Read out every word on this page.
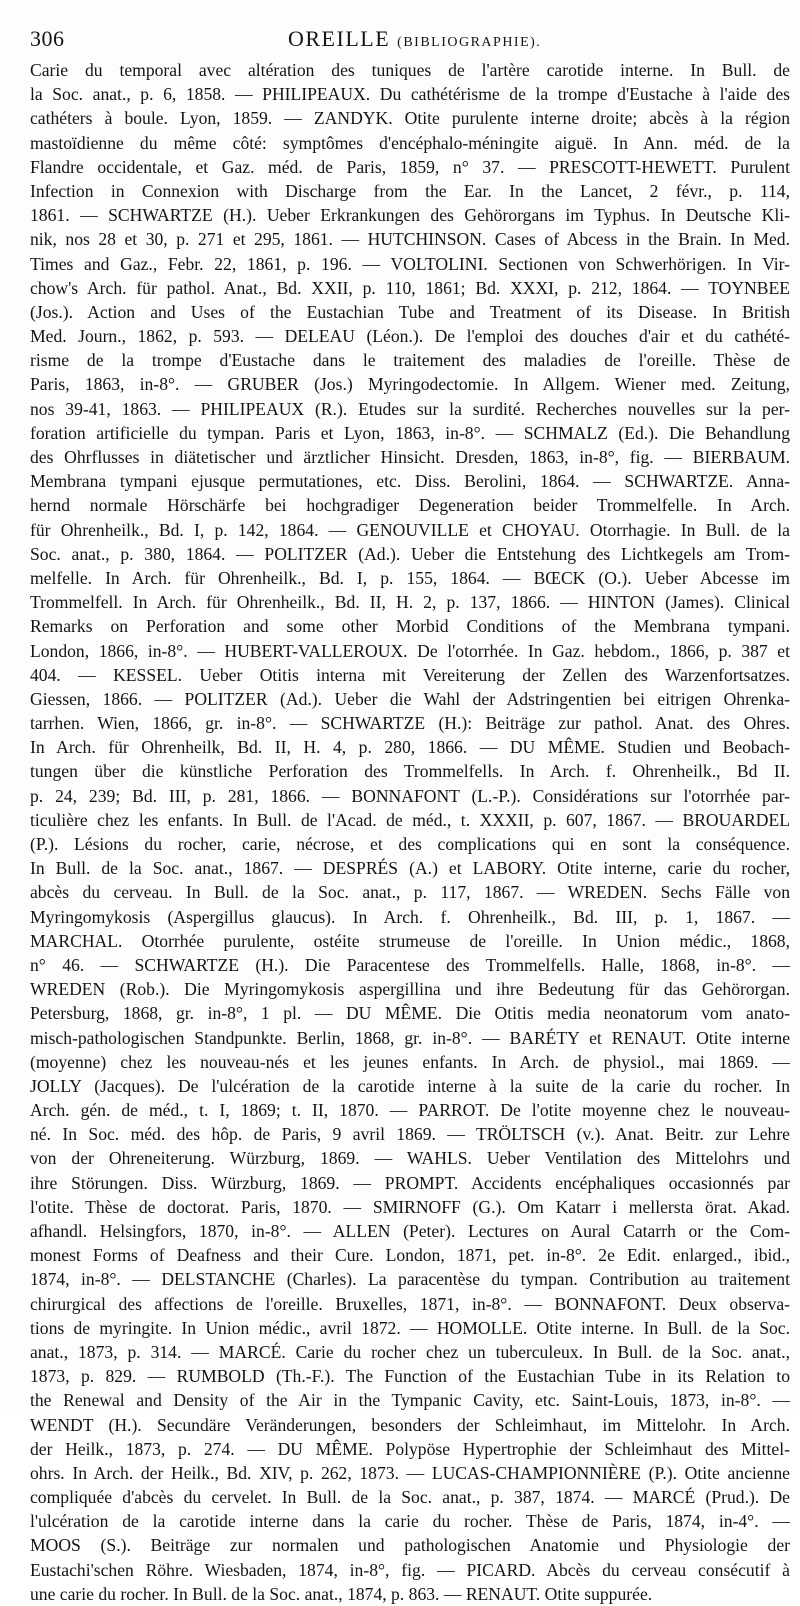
306	OREILLE (BIBLIOGRAPHIE).
Carie du temporal avec altération des tuniques de l'artère carotide interne. In Bull. de
la Soc. anat., p. 6, 1858. — PHILIPEAUX. Du cathétérisme de la trompe d'Eustache à l'aide des
cathéters à boule. Lyon, 1859. — ZANDYK. Otite purulente interne droite; abcès à la région
mastoïdienne du même côté: symptômes d'encéphalo-méningite aiguë. In Ann. méd. de la
Flandre occidentale, et Gaz. méd. de Paris, 1859, n° 37. — PRESCOTT-HEWETT. Purulent
Infection in Connexion with Discharge from the Ear. In the Lancet, 2 févr., p. 114,
1861. — SCHWARTZE (H.). Ueber Erkrankungen des Gehörorgans im Typhus. In Deutsche Kli-
nik, nos 28 et 30, p. 271 et 295, 1861. — HUTCHINSON. Cases of Abcess in the Brain. In Med.
Times and Gaz., Febr. 22, 1861, p. 196. — VOLTOLINI. Sectionen von Schwerhörigen. In Vir-
chow's Arch. für pathol. Anat., Bd. XXII, p. 110, 1861; Bd. XXXI, p. 212, 1864. — TOYNBEE
(Jos.). Action and Uses of the Eustachian Tube and Treatment of its Disease. In British
Med. Journ., 1862, p. 593. — DELEAU (Léon.). De l'emploi des douches d'air et du cathété-
risme de la trompe d'Eustache dans le traitement des maladies de l'oreille. Thèse de
Paris, 1863, in-8°. — GRUBER (Jos.) Myringodectomie. In Allgem. Wiener med. Zeitung,
nos 39-41, 1863. — PHILIPEAUX (R.). Etudes sur la surdité. Recherches nouvelles sur la per-
foration artificielle du tympan. Paris et Lyon, 1863, in-8°. — SCHMALZ (Ed.). Die Behandlung
des Ohrflusses in diätetischer und ärztlicher Hinsicht. Dresden, 1863, in-8°, fig. — BIERBAUM.
Membrana tympani ejusque permutationes, etc. Diss. Berolini, 1864. — SCHWARTZE. Anna-
hernd normale Hörschärfe bei hochgradiger Degeneration beider Trommelfelle. In Arch.
für Ohrenheilk., Bd. I, p. 142, 1864. — GENOUVILLE et CHOYAU. Otorrhagie. In Bull. de la
Soc. anat., p. 380, 1864. — POLITZER (Ad.). Ueber die Entstehung des Lichtkegels am Trom-
melfelle. In Arch. für Ohrenheilk., Bd. I, p. 155, 1864. — BŒCK (O.). Ueber Abcesse im
Trommelfell. In Arch. für Ohrenheilk., Bd. II, H. 2, p. 137, 1866. — HINTON (James). Clinical
Remarks on Perforation and some other Morbid Conditions of the Membrana tympani.
London, 1866, in-8°. — HUBERT-VALLEROUX. De l'otorrhée. In Gaz. hebdom., 1866, p. 387 et
404. — KESSEL. Ueber Otitis interna mit Vereiterung der Zellen des Warzenfortsatzes.
Giessen, 1866. — POLITZER (Ad.). Ueber die Wahl der Adstringentien bei eitrigen Ohrenka-
tarrhen. Wien, 1866, gr. in-8°. — SCHWARTZE (H.): Beiträge zur pathol. Anat. des Ohres.
In Arch. für Ohrenheilk, Bd. II, H. 4, p. 280, 1866. — DU MÊME. Studien und Beobach-
tungen über die künstliche Perforation des Trommelfells. In Arch. f. Ohrenheilk., Bd II.
p. 24, 239; Bd. III, p. 281, 1866. — BONNAFONT (L.-P.). Considérations sur l'otorrhée par-
ticulière chez les enfants. In Bull. de l'Acad. de méd., t. XXXII, p. 607, 1867. — BROUARDEL
(P.). Lésions du rocher, carie, nécrose, et des complications qui en sont la conséquence.
In Bull. de la Soc. anat., 1867. — DESPRÉS (A.) et LABORY. Otite interne, carie du rocher,
abcès du cerveau. In Bull. de la Soc. anat., p. 117, 1867. — WREDEN. Sechs Fälle von
Myringomykosis (Aspergillus glaucus). In Arch. f. Ohrenheilk., Bd. III, p. 1, 1867. —
MARCHAL. Otorrhée purulente, ostéite strumeuse de l'oreille. In Union médic., 1868,
n° 46. — SCHWARTZE (H.). Die Paracentese des Trommelfells. Halle, 1868, in-8°. —
WREDEN (Rob.). Die Myringomykosis aspergillina und ihre Bedeutung für das Gehörorgan.
Petersburg, 1868, gr. in-8°, 1 pl. — DU MÊME. Die Otitis media neonatorum vom anato-
misch-pathologischen Standpunkte. Berlin, 1868, gr. in-8°. — BARÉTY et RENAUT. Otite interne
(moyenne) chez les nouveau-nés et les jeunes enfants. In Arch. de physiol., mai 1869. —
JOLLY (Jacques). De l'ulcération de la carotide interne à la suite de la carie du rocher. In
Arch. gén. de méd., t. I, 1869; t. II, 1870. — PARROT. De l'otite moyenne chez le nouveau-
né. In Soc. méd. des hôp. de Paris, 9 avril 1869. — TRÖLTSCH (v.). Anat. Beitr. zur Lehre
von der Ohreneiterung. Würzburg, 1869. — WAHLS. Ueber Ventilation des Mittelohrs und
ihre Störungen. Diss. Würzburg, 1869. — PROMPT. Accidents encéphaliques occasionnés par
l'otite. Thèse de doctorat. Paris, 1870. — SMIRNOFF (G.). Om Katarr i mellersta örat. Akad.
afhandl. Helsingfors, 1870, in-8°. — ALLEN (Peter). Lectures on Aural Catarrh or the Com-
monest Forms of Deafness and their Cure. London, 1871, pet. in-8°. 2e Edit. enlarged., ibid.,
1874, in-8°. — DELSTANCHE (Charles). La paracentèse du tympan. Contribution au traitement
chirurgical des affections de l'oreille. Bruxelles, 1871, in-8°. — BONNAFONT. Deux observa-
tions de myringite. In Union médic., avril 1872. — HOMOLLE. Otite interne. In Bull. de la Soc.
anat., 1873, p. 314. — MARCÉ. Carie du rocher chez un tuberculeux. In Bull. de la Soc. anat.,
1873, p. 829. — RUMBOLD (Th.-F.). The Function of the Eustachian Tube in its Relation to
the Renewal and Density of the Air in the Tympanic Cavity, etc. Saint-Louis, 1873, in-8°. —
WENDT (H.). Secundäre Veränderungen, besonders der Schleimhaut, im Mittelohr. In Arch.
der Heilk., 1873, p. 274. — DU MÊME. Polypöse Hypertrophie der Schleimhaut des Mittel-
ohrs. In Arch. der Heilk., Bd. XIV, p. 262, 1873. — LUCAS-CHAMPIONNIÈRE (P.). Otite ancienne
compliquée d'abcès du cervelet. In Bull. de la Soc. anat., p. 387, 1874. — MARCÉ (Prud.). De
l'ulcération de la carotide interne dans la carie du rocher. Thèse de Paris, 1874, in-4°. —
MOOS (S.). Beiträge zur normalen und pathologischen Anatomie und Physiologie der
Eustachi'schen Röhre. Wiesbaden, 1874, in-8°, fig. — PICARD. Abcès du cerveau consécutif à
une carie du rocher. In Bull. de la Soc. anat., 1874, p. 863. — RENAUT. Otite suppurée.
